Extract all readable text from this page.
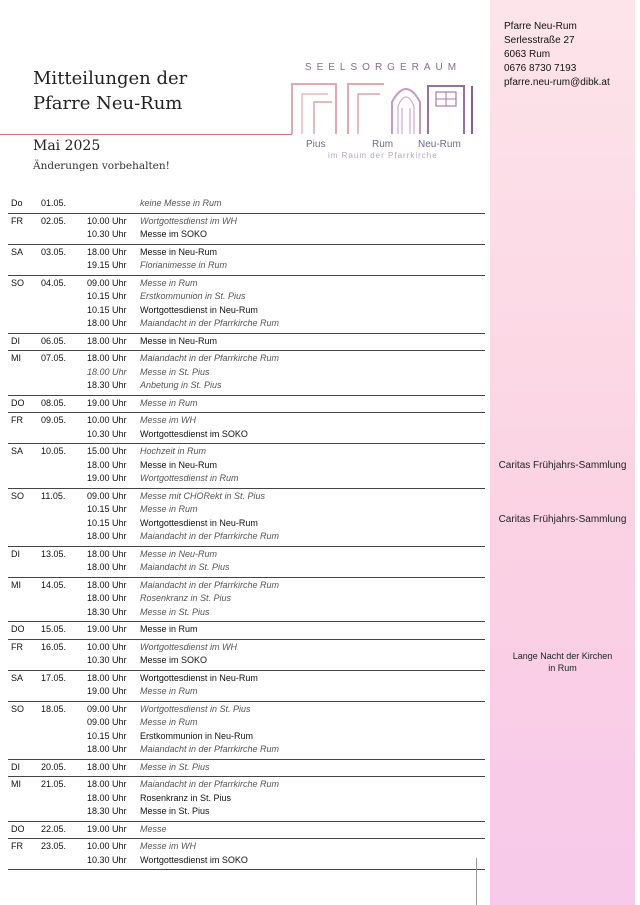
Pfarre Neu-Rum
Serlesstraße 27
6063 Rum
0676 8730 7193
pfarre.neu-rum@dibk.at
Caritas Frühjahrs-Sammlung
Caritas Frühjahrs-Sammlung
Lange Nacht der Kirchen
in Rum
Mitteilungen der
Pfarre Neu-Rum
SEELSORGERAUM
Pius	Rum Neu-Rum
im Raum der Pfarrkirche
Mai 2025
Änderungen vorbehalten!
Do 01.05.	keine Messe in Rum
FR 02.05. 10.00 Uhr Wortgottesdienst im WH
10.30 Uhr Messe im SOKO
SA 03.05. 18.00 Uhr Messe in Neu-Rum
19.15 Uhr Florianimesse in Rum
SO 04.05. 09.00 Uhr Messe in Rum
10.15 Uhr Erstkommunion in St. Pius
10.15 Uhr Wortgottesdienst in Neu-Rum
18.00 Uhr Maiandacht in der Pfarrkirche Rum
DI 06.05. 18.00 Uhr Messe in Neu-Rum
MI 07.05. 18.00 Uhr Maiandacht in der Pfarrkirche Rum
18.00 Uhr Messe in St. Pius
18.30 Uhr Anbetung in St. Pius
DO 08.05. 19.00 Uhr Messe in Rum
FR 09.05. 10.00 Uhr Messe im WH
10.30 Uhr Wortgottesdienst im SOKO
SA 10.05. 15.00 Uhr Hochzeit in Rum
18.00 Uhr Messe in Neu-Rum
19.00 Uhr Wortgottesdienst in Rum
SO 11.05. 09.00 Uhr Messe mit CHORekt in St. Pius
10.15 Uhr Messe in Rum
10.15 Uhr Wortgottesdienst in Neu-Rum
18.00 Uhr Maiandacht in der Pfarrkirche Rum
DI 13.05. 18.00 Uhr Messe in Neu-Rum
18.00 Uhr Maiandacht in St. Pius
MI 14.05. 18.00 Uhr Maiandacht in der Pfarrkirche Rum
18.00 Uhr Rosenkranz in St. Pius
18.30 Uhr Messe in St. Pius
DO 15.05. 19.00 Uhr Messe in Rum
FR 16.05. 10.00 Uhr Wortgottesdienst im WH
10.30 Uhr Messe im SOKO
SA 17.05. 18.00 Uhr Wortgottesdienst in Neu-Rum
19.00 Uhr Messe in Rum
SO 18.05. 09.00 Uhr Wortgottesdienst in St. Pius
09.00 Uhr Messe in Rum
10.15 Uhr Erstkommunion in Neu-Rum
18.00 Uhr Maiandacht in der Pfarrkirche Rum
DI 20.05. 18.00 Uhr Messe in St. Pius
MI 21.05. 18.00 Uhr Maiandacht in der Pfarrkirche Rum
18.00 Uhr Rosenkranz in St. Pius
18.30 Uhr Messe in St. Pius
DO 22.05. 19.00 Uhr Messe
FR 23.05. 10.00 Uhr Messe im WH
10.30 Uhr Wortgottesdienst im SOKO
